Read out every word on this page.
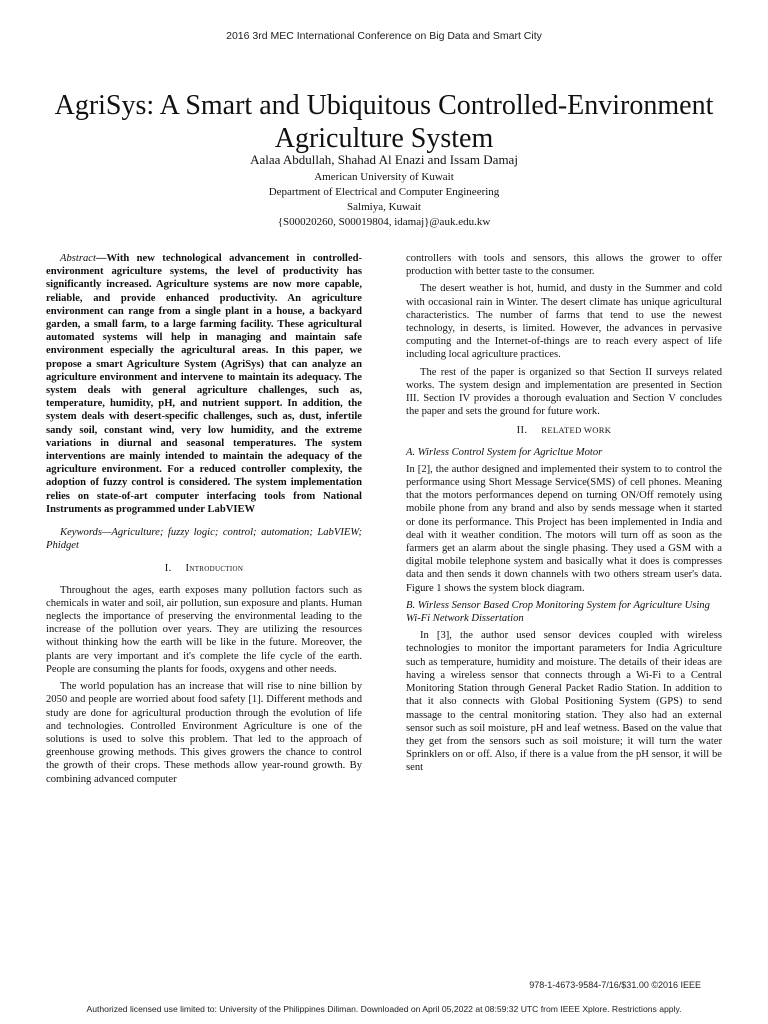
2016 3rd MEC International Conference on Big Data and Smart City
AgriSys: A Smart and Ubiquitous Controlled-Environment Agriculture System
Aalaa Abdullah, Shahad Al Enazi and Issam Damaj
American University of Kuwait
Department of Electrical and Computer Engineering
Salmiya, Kuwait
{S00020260, S00019804, idamaj}@auk.edu.kw

Abstract—With new technological advancement in controlled-environment agriculture systems, the level of productivity has significantly increased. Agriculture systems are now more capable, reliable, and provide enhanced productivity. An agriculture environment can range from a single plant in a house, a backyard garden, a small farm, to a large farming facility. These agricultural automated systems will help in managing and maintain safe environment especially the agricultural areas. In this paper, we propose a smart Agriculture System (AgriSys) that can analyze an agriculture environment and intervene to maintain its adequacy. The system deals with general agriculture challenges, such as, temperature, humidity, pH, and nutrient support. In addition, the system deals with desert-specific challenges, such as, dust, infertile sandy soil, constant wind, very low humidity, and the extreme variations in diurnal and seasonal temperatures. The system interventions are mainly intended to maintain the adequacy of the agriculture environment. For a reduced controller complexity, the adoption of fuzzy control is considered. The system implementation relies on state-of-art computer interfacing tools from National Instruments as programmed under LabVIEW

Keywords—Agriculture; fuzzy logic; control; automation; LabVIEW; Phidget

I. Introduction

Throughout the ages, earth exposes many pollution factors such as chemicals in water and soil, air pollution, sun exposure and plants. Human neglects the importance of preserving the environmental leading to the increase of the pollution over years. They are utilizing the resources without thinking how the earth will be like in the future. Moreover, the plants are very important and it's complete the life cycle of the earth. People are consuming the plants for foods, oxygens and other needs.

The world population has an increase that will rise to nine billion by 2050 and people are worried about food safety [1]. Different methods and study are done for agricultural production through the evolution of life and technologies. Controlled Environment Agriculture is one of the solutions is used to solve this problem. That led to the approach of greenhouse growing methods. This gives growers the chance to control the growth of their crops. These methods allow year-round growth. By combining advanced computer

controllers with tools and sensors, this allows the grower to offer production with better taste to the consumer.

The desert weather is hot, humid, and dusty in the Summer and cold with occasional rain in Winter. The desert climate has unique agricultural characteristics. The number of farms that tend to use the newest technology, in deserts, is limited. However, the advances in pervasive computing and the Internet-of-things are to reach every aspect of life including local agriculture practices.

The rest of the paper is organized so that Section II surveys related works. The system design and implementation are presented in Section III. Section IV provides a thorough evaluation and Section V concludes the paper and sets the ground for future work.

II. RELATED WORK
A. Wirless Control System for Agricltue Motor

In [2], the author designed and implemented their system to to control the performance using Short Message Service(SMS) of cell phones. Meaning that the motors performances depend on turning ON/Off remotely using mobile phone from any brand and also by sends message when it started or done its performance. This Project has been implemented in India and deal with it weather condition. The motors will turn off as soon as the farmers get an alarm about the single phasing. They used a GSM with a digital mobile telephone system and basically what it does is compresses data and then sends it down channels with two others stream user's data. Figure 1 shows the system block diagram.

B. Wirless Sensor Based Crop Monitoring System for Agriculture Using Wi-Fi Network Dissertation

In [3], the author used sensor devices coupled with wireless technologies to monitor the important parameters for India Agriculture such as temperature, humidity and moisture. The details of their ideas are having a wireless sensor that connects through a Wi-Fi to a Central Monitoring Station through General Packet Radio Station. In addition to that it also connects with Global Positioning System (GPS) to send massage to the central monitoring station. They also had an external sensor such as soil moisture, pH and leaf wetness. Based on the value that they get from the sensors such as soil moisture; it will turn the water Sprinklers on or off. Also, if there is a value from the pH sensor, it will be sent

978-1-4673-9584-7/16/$31.00 ©2016 IEEE
Authorized licensed use limited to: University of the Philippines Diliman. Downloaded on April 05,2022 at 08:59:32 UTC from IEEE Xplore. Restrictions apply.
